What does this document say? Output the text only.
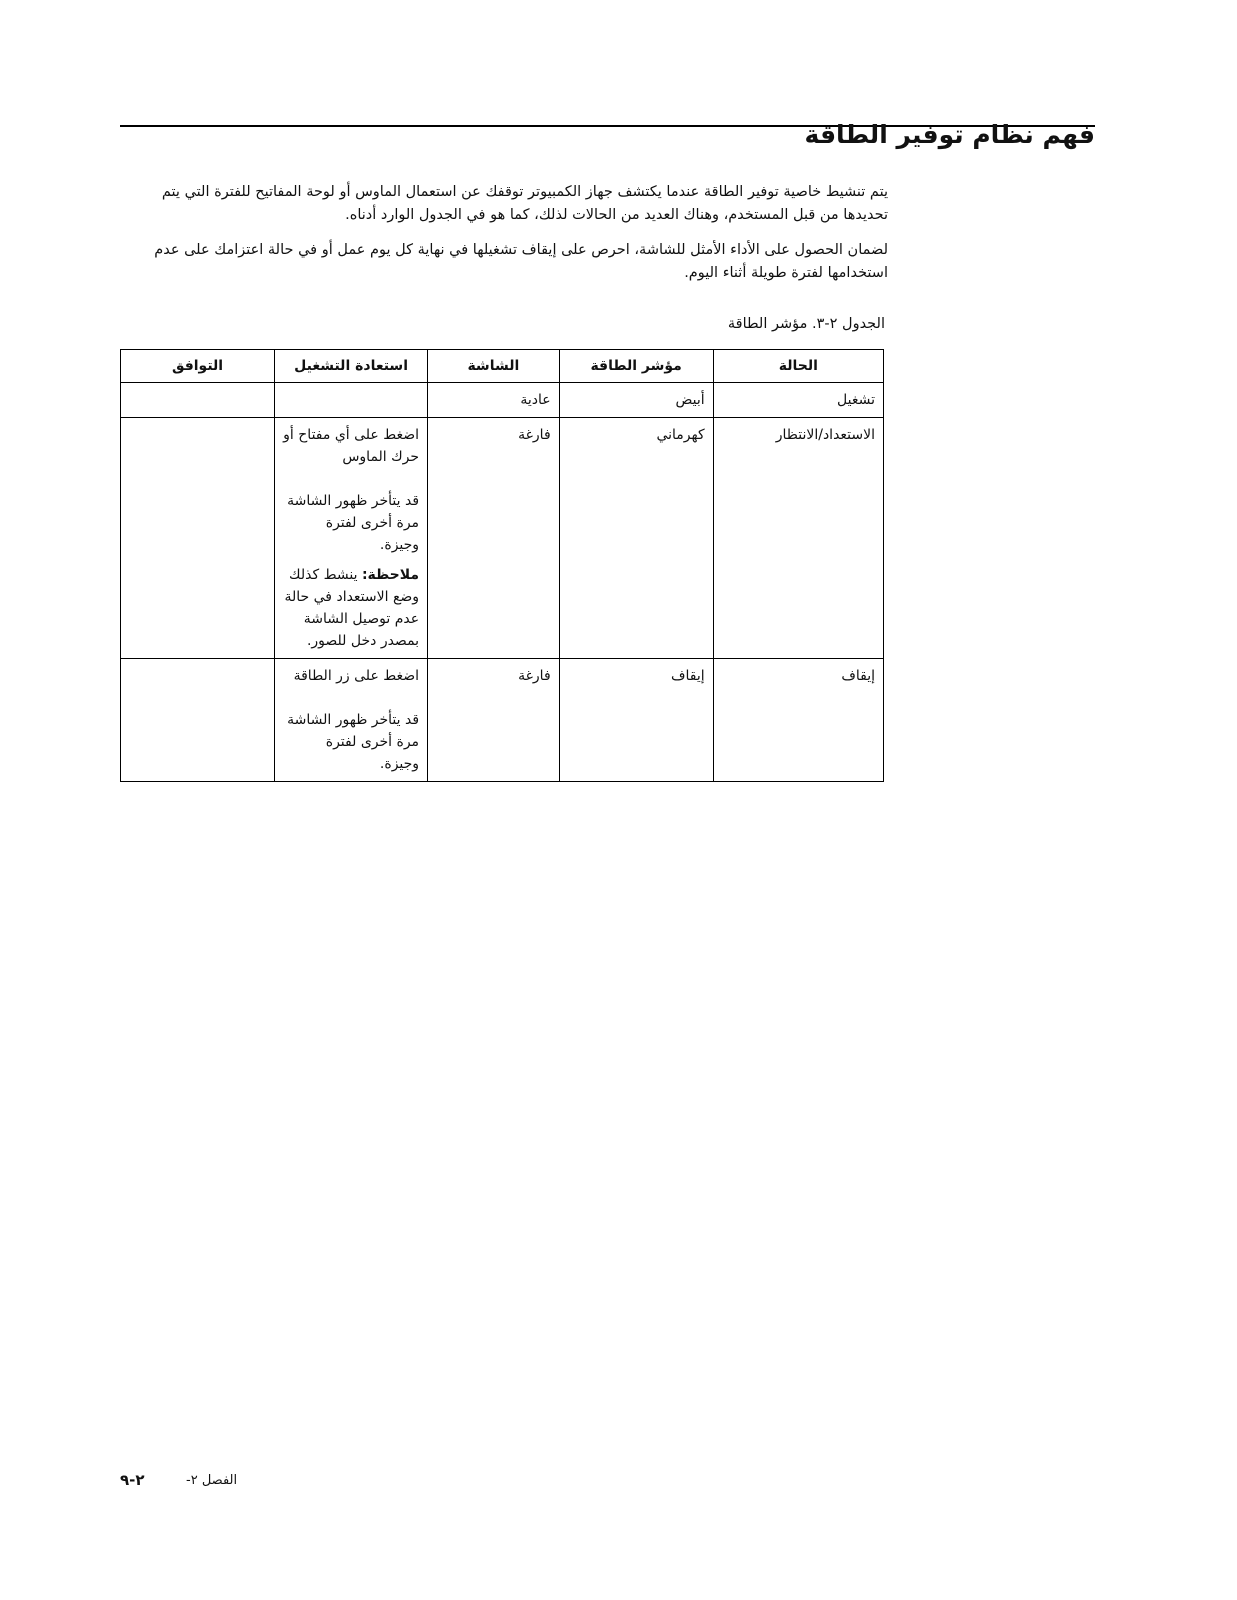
فهم نظام توفير الطاقة

يتم تنشيط خاصية توفير الطاقة عندما يكتشف جهاز الكمبيوتر توقفك عن استعمال الماوس أو لوحة المفاتيح للفترة التي يتم تحديدها من قبل المستخدم، وهناك العديد من الحالات لذلك، كما هو في الجدول الوارد أدناه.

لضمان الحصول على الأداء الأمثل للشاشة، احرص على إيقاف تشغيلها في نهاية كل يوم عمل أو في حالة اعتزامك على عدم استخدامها لفترة طويلة أثناء اليوم.

الجدول ٢-٣. مؤشر الطاقة
الحالة	مؤشر الطاقة	الشاشة	استعادة التشغيل	التوافق
تشغيل	أبيض	عادية		
الاستعداد/الانتظار	كهرماني	فارغة	اضغط على أي مفتاح أو حرك الماوس
قد يتأخر ظهور الشاشة مرة أخرى لفترة وجيزة.
ملاحظة: ينشط كذلك وضع الاستعداد في حالة عدم توصيل الشاشة بمصدر دخل للصور.	

إيقاف	إيقاف	فارغة	اضغط على زر الطاقة
قد يتأخر ظهور الشاشة مرة أخرى لفترة وجيزة.	

الفصل ٢-
٢-٩
